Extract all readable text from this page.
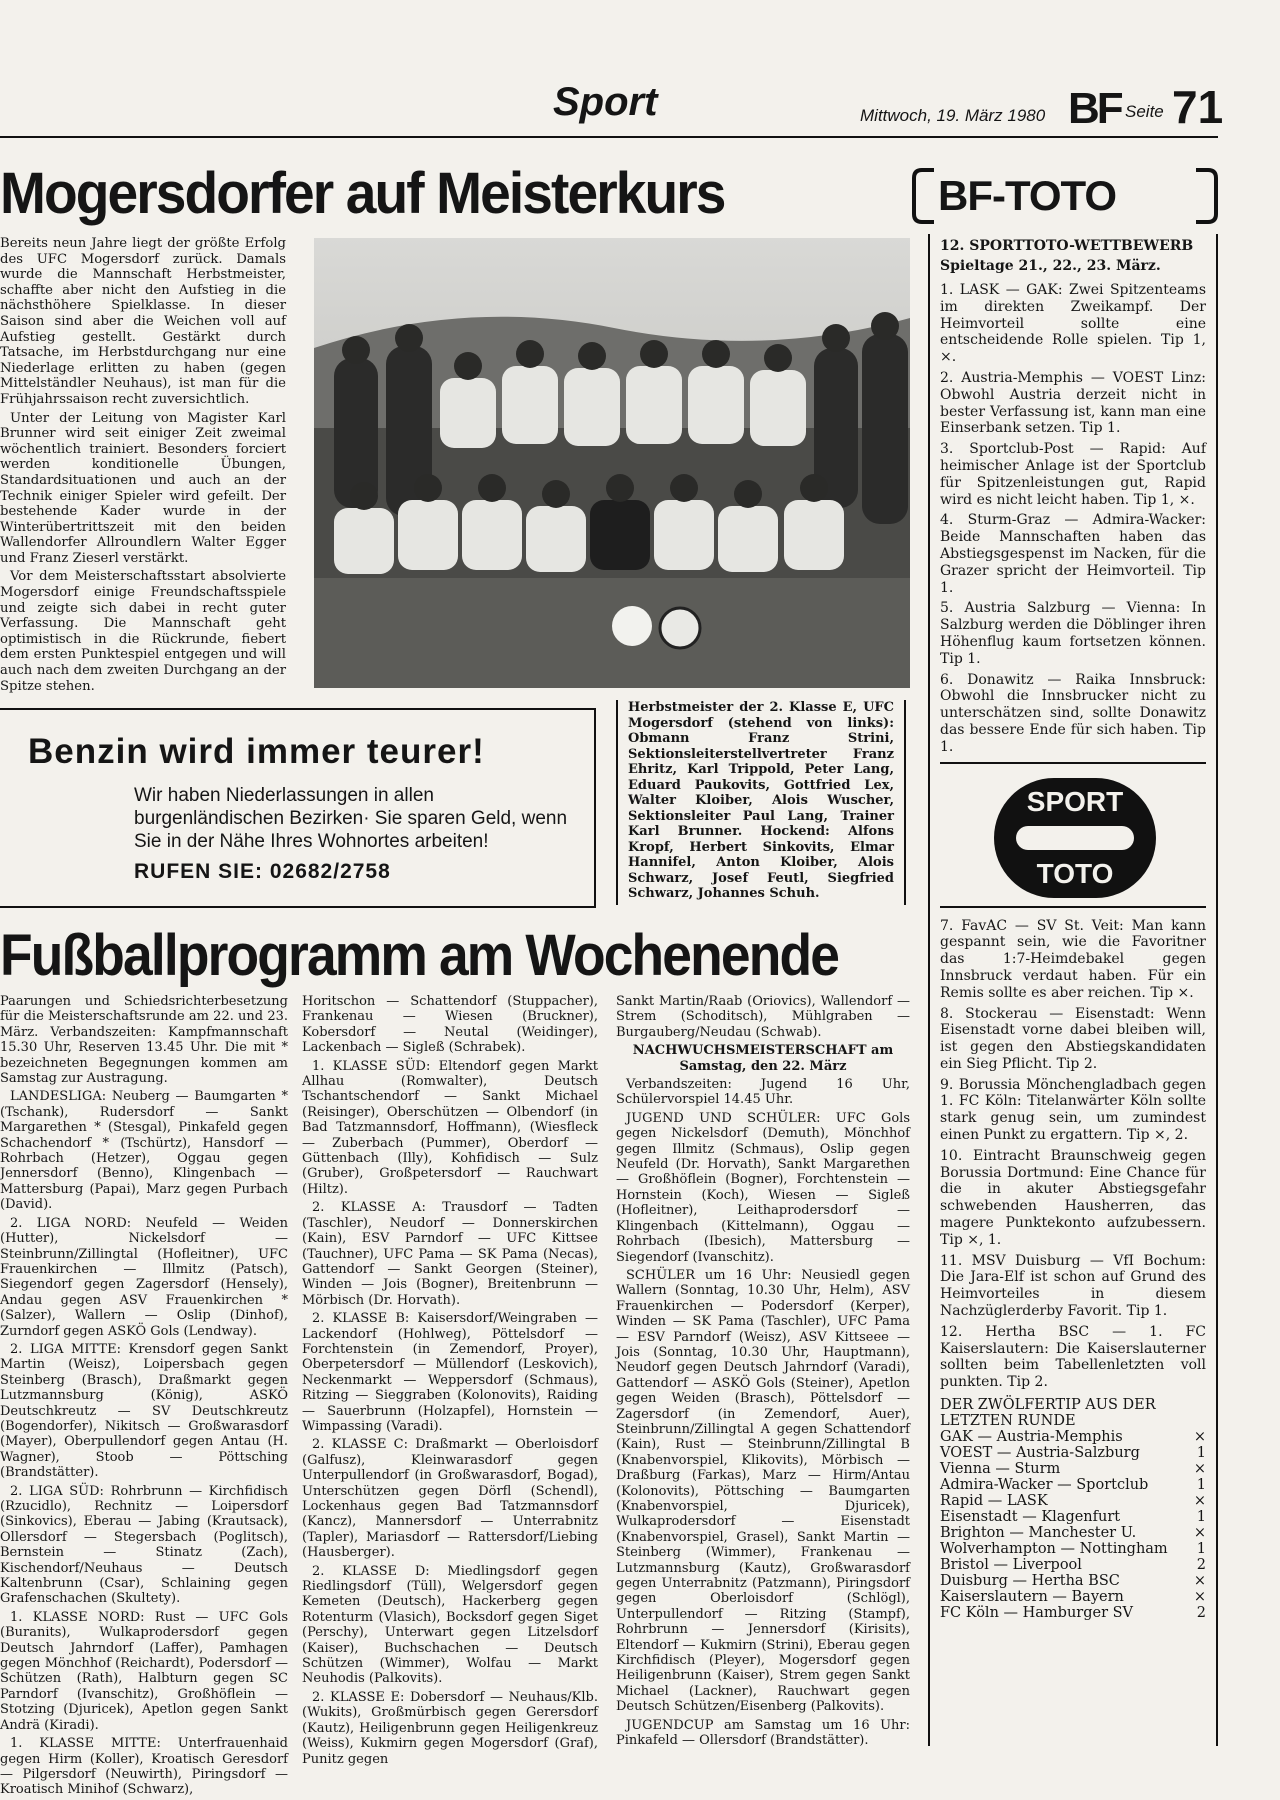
Sport	Mittwoch, 19. März 1980 BF Seite 71
Mogersdorfer auf Meisterkurs

Bereits neun Jahre liegt der größte Erfolg des UFC Mogersdorf zurück. Damals wurde die Mannschaft Herbstmeister, schaffte aber nicht den Aufstieg in die nächsthöhere Spielklasse. In dieser Saison sind aber die Weichen voll auf Aufstieg gestellt. Gestärkt durch Tatsache, im Herbstdurchgang nur eine Niederlage erlitten zu haben (gegen Mittelständler Neuhaus), ist man für die Frühjahrssaison recht zuversichtlich.

Unter der Leitung von Magister Karl Brunner wird seit einiger Zeit zweimal wöchentlich trainiert. Besonders forciert werden konditionelle Übungen, Standardsituationen und auch an der Technik einiger Spieler wird gefeilt. Der bestehende Kader wurde in der Winterübertrittszeit mit den beiden Wallendorfer Allroundlern Walter Egger und Franz Zieserl verstärkt.

Vor dem Meisterschaftsstart absolvierte Mogersdorf einige Freundschaftsspiele und zeigte sich dabei in recht guter Verfassung. Die Mannschaft geht optimistisch in die Rückrunde, fiebert dem ersten Punktespiel entgegen und will auch nach dem zweiten Durchgang an der Spitze stehen.

Herbstmeister der 2. Klasse E, UFC Mogersdorf (stehend von links): Obmann Franz Strini, Sektionsleiterstellvertreter Franz Ehritz, Karl Trippold, Peter Lang, Eduard Paukovits, Gottfried Lex, Walter Kloiber, Alois Wuscher, Sektionsleiter Paul Lang, Trainer Karl Brunner. Hockend: Alfons Kropf, Herbert Sinkovits, Elmar Hannifel, Anton Kloiber, Alois Schwarz, Josef Feutl, Siegfried Schwarz, Johannes Schuh.
Benzin wird immer teurer!
Wir haben Niederlassungen in allen burgenländischen Bezirken· Sie sparen Geld, wenn Sie in der Nähe Ihres Wohnortes arbeiten!
RUFEN SIE: 02682/2758
Fußballprogramm am Wochenende

Paarungen und Schiedsrichterbesetzung für die Meisterschaftsrunde am 22. und 23. März. Verbandszeiten: Kampfmannschaft 15.30 Uhr, Reserven 13.45 Uhr. Die mit * bezeichneten Begegnungen kommen am Samstag zur Austragung.

LANDESLIGA: Neuberg — Baumgarten * (Tschank), Rudersdorf — Sankt Margarethen * (Stesgal), Pinkafeld gegen Schachendorf * (Tschürtz), Hansdorf — Rohrbach (Hetzer), Oggau gegen Jennersdorf (Benno), Klingenbach — Mattersburg (Papai), Marz gegen Purbach (David).

2. LIGA NORD: Neufeld — Weiden (Hutter), Nickelsdorf — Steinbrunn/Zillingtal (Hofleitner), UFC Frauenkirchen — Illmitz (Patsch), Siegendorf gegen Zagersdorf (Hensely), Andau gegen ASV Frauenkirchen * (Salzer), Wallern — Oslip (Dinhof), Zurndorf gegen ASKÖ Gols (Lendway).

2. LIGA MITTE: Krensdorf gegen Sankt Martin (Weisz), Loipersbach gegen Steinberg (Brasch), Draßmarkt gegen Lutzmannsburg (König), ASKÖ Deutschkreutz — SV Deutschkreutz (Bogendorfer), Nikitsch — Großwarasdorf (Mayer), Oberpullendorf gegen Antau (H. Wagner), Stoob — Pöttsching (Brandstätter).

2. LIGA SÜD: Rohrbrunn — Kirchfidisch (Rzucidlo), Rechnitz — Loipersdorf (Sinkovics), Eberau — Jabing (Krautsack), Ollersdorf — Stegersbach (Poglitsch), Bernstein — Stinatz (Zach), Kischendorf/Neuhaus — Deutsch Kaltenbrunn (Csar), Schlaining gegen Grafenschachen (Skultety).

1. KLASSE NORD: Rust — UFC Gols (Buranits), Wulkaprodersdorf gegen Deutsch Jahrndorf (Laffer), Pamhagen gegen Mönchhof (Reichardt), Podersdorf — Schützen (Rath), Halbturn gegen SC Parndorf (Ivanschitz), Großhöflein — Stotzing (Djuricek), Apetlon gegen Sankt Andrä (Kiradi).

1. KLASSE MITTE: Unterfrauenhaid gegen Hirm (Koller), Kroatisch Geresdorf — Pilgersdorf (Neuwirth), Piringsdorf — Kroatisch Minihof (Schwarz),

Horitschon — Schattendorf (Stuppacher), Frankenau — Wiesen (Bruckner), Kobersdorf — Neutal (Weidinger), Lackenbach — Sigleß (Schrabek).

1. KLASSE SÜD: Eltendorf gegen Markt Allhau (Romwalter), Deutsch Tschantschendorf — Sankt Michael (Reisinger), Oberschützen — Olbendorf (in Bad Tatzmannsdorf, Hoffmann), (Wiesfleck — Zuberbach (Pummer), Oberdorf — Güttenbach (Illy), Kohfidisch — Sulz (Gruber), Großpetersdorf — Rauchwart (Hiltz).

2. KLASSE A: Trausdorf — Tadten (Taschler), Neudorf — Donnerskirchen (Kain), ESV Parndorf — UFC Kittsee (Tauchner), UFC Pama — SK Pama (Necas), Gattendorf — Sankt Georgen (Steiner), Winden — Jois (Bogner), Breitenbrunn — Mörbisch (Dr. Horvath).

2. KLASSE B: Kaisersdorf/Weingraben — Lackendorf (Hohlweg), Pöttelsdorf — Forchtenstein (in Zemendorf, Proyer), Oberpetersdorf — Müllendorf (Leskovich), Neckenmarkt — Weppersdorf (Schmaus), Ritzing — Sieggraben (Kolonovits), Raiding — Sauerbrunn (Holzapfel), Hornstein — Wimpassing (Varadi).

2. KLASSE C: Draßmarkt — Oberloisdorf (Galfusz), Kleinwarasdorf gegen Unterpullendorf (in Großwarasdorf, Bogad), Unterschützen gegen Dörfl (Schendl), Lockenhaus gegen Bad Tatzmannsdorf (Kancz), Mannersdorf — Unterrabnitz (Tapler), Mariasdorf — Rattersdorf/Liebing (Hausberger).

2. KLASSE D: Miedlingsdorf gegen Riedlingsdorf (Tüll), Welgersdorf gegen Kemeten (Deutsch), Hackerberg gegen Rotenturm (Vlasich), Bocksdorf gegen Siget (Perschy), Unterwart gegen Litzelsdorf (Kaiser), Buchschachen — Deutsch Schützen (Wimmer), Wolfau — Markt Neuhodis (Palkovits).

2. KLASSE E: Dobersdorf — Neuhaus/Klb. (Wukits), Großmürbisch gegen Gerersdorf (Kautz), Heiligenbrunn gegen Heiligenkreuz (Weiss), Kukmirn gegen Mogersdorf (Graf), Punitz gegen

Sankt Martin/Raab (Oriovics), Wallendorf — Strem (Schoditsch), Mühlgraben — Burgauberg/Neudau (Schwab).

NACHWUCHSMEISTERSCHAFT am Samstag, den 22. März

Verbandszeiten: Jugend 16 Uhr, Schülervorspiel 14.45 Uhr.

JUGEND UND SCHÜLER: UFC Gols gegen Nickelsdorf (Demuth), Mönchhof gegen Illmitz (Schmaus), Oslip gegen Neufeld (Dr. Horvath), Sankt Margarethen — Großhöflein (Bogner), Forchtenstein — Hornstein (Koch), Wiesen — Sigleß (Hofleitner), Leithaprodersdorf — Klingenbach (Kittelmann), Oggau — Rohrbach (Ibesich), Mattersburg — Siegendorf (Ivanschitz).

SCHÜLER um 16 Uhr: Neusiedl gegen Wallern (Sonntag, 10.30 Uhr, Helm), ASV Frauenkirchen — Podersdorf (Kerper), Winden — SK Pama (Taschler), UFC Pama — ESV Parndorf (Weisz), ASV Kittseee — Jois (Sonntag, 10.30 Uhr, Hauptmann), Neudorf gegen Deutsch Jahrndorf (Varadi), Gattendorf — ASKÖ Gols (Steiner), Apetlon gegen Weiden (Brasch), Pöttelsdorf — Zagersdorf (in Zemendorf, Auer), Steinbrunn/Zillingtal A gegen Schattendorf (Kain), Rust — Steinbrunn/Zillingtal B (Knabenvorspiel, Klikovits), Mörbisch — Draßburg (Farkas), Marz — Hirm/Antau (Kolonovits), Pöttsching — Baumgarten (Knabenvorspiel, Djuricek), Wulkaprodersdorf — Eisenstadt (Knabenvorspiel, Grasel), Sankt Martin — Steinberg (Wimmer), Frankenau — Lutzmannsburg (Kautz), Großwarasdorf gegen Unterrabnitz (Patzmann), Piringsdorf gegen Oberloisdorf (Schlögl), Unterpullendorf — Ritzing (Stampf), Rohrbrunn — Jennersdorf (Kirisits), Eltendorf — Kukmirn (Strini), Eberau gegen Kirchfidisch (Pleyer), Mogersdorf gegen Heiligenbrunn (Kaiser), Strem gegen Sankt Michael (Lackner), Rauchwart gegen Deutsch Schützen/Eisenberg (Palkovits).

JUGENDCUP am Samstag um 16 Uhr: Pinkafeld — Ollersdorf (Brandstätter).

BF-TOTO
12. SPORTTOTO-WETTBEWERB
Spieltage 21., 22., 23. März.

1. LASK — GAK: Zwei Spitzenteams im direkten Zweikampf. Der Heimvorteil sollte eine entscheidende Rolle spielen. Tip 1, ×.

2. Austria-Memphis — VOEST Linz: Obwohl Austria derzeit nicht in bester Verfassung ist, kann man eine Einserbank setzen. Tip 1.

3. Sportclub-Post — Rapid: Auf heimischer Anlage ist der Sportclub für Spitzenleistungen gut, Rapid wird es nicht leicht haben. Tip 1, ×.

4. Sturm-Graz — Admira-Wacker: Beide Mannschaften haben das Abstiegsgespenst im Nacken, für die Grazer spricht der Heimvorteil. Tip 1.

5. Austria Salzburg — Vienna: In Salzburg werden die Döblinger ihren Höhenflug kaum fortsetzen können. Tip 1.

6. Donawitz — Raika Innsbruck: Obwohl die Innsbrucker nicht zu unterschätzen sind, sollte Donawitz das bessere Ende für sich haben. Tip 1.

SPORT
TOTO

7. FavAC — SV St. Veit: Man kann gespannt sein, wie die Favoritner das 1:7-Heimdebakel gegen Innsbruck verdaut haben. Für ein Remis sollte es aber reichen. Tip ×.

8. Stockerau — Eisenstadt: Wenn Eisenstadt vorne dabei bleiben will, ist gegen den Abstiegskandidaten ein Sieg Pflicht. Tip 2.

9. Borussia Mönchengladbach gegen 1. FC Köln: Titelanwärter Köln sollte stark genug sein, um zumindest einen Punkt zu ergattern. Tip ×, 2.

10. Eintracht Braunschweig gegen Borussia Dortmund: Eine Chance für die in akuter Abstiegsgefahr schwebenden Hausherren, das magere Punktekonto aufzubessern. Tip ×, 1.

11. MSV Duisburg — VfI Bochum: Die Jara-Elf ist schon auf Grund des Heimvorteiles in diesem Nachzüglerderby Favorit. Tip 1.

12. Hertha BSC — 1. FC Kaiserslautern: Die Kaiserslauterner sollten beim Tabellenletzten voll punkten. Tip 2.

DER ZWÖLFERTIP AUS DER LETZTEN RUNDE
GAK — Austria-Memphis	×
VOEST — Austria-Salzburg	1
Vienna — Sturm	×
Admira-Wacker — Sportclub	1
Rapid — LASK	×
Eisenstadt — Klagenfurt	1
Brighton — Manchester U.	×
Wolverhampton — Nottingham 1
Bristol — Liverpool	2
Duisburg — Hertha BSC	×
Kaiserslautern — Bayern	×
FC Köln — Hamburger SV	2
